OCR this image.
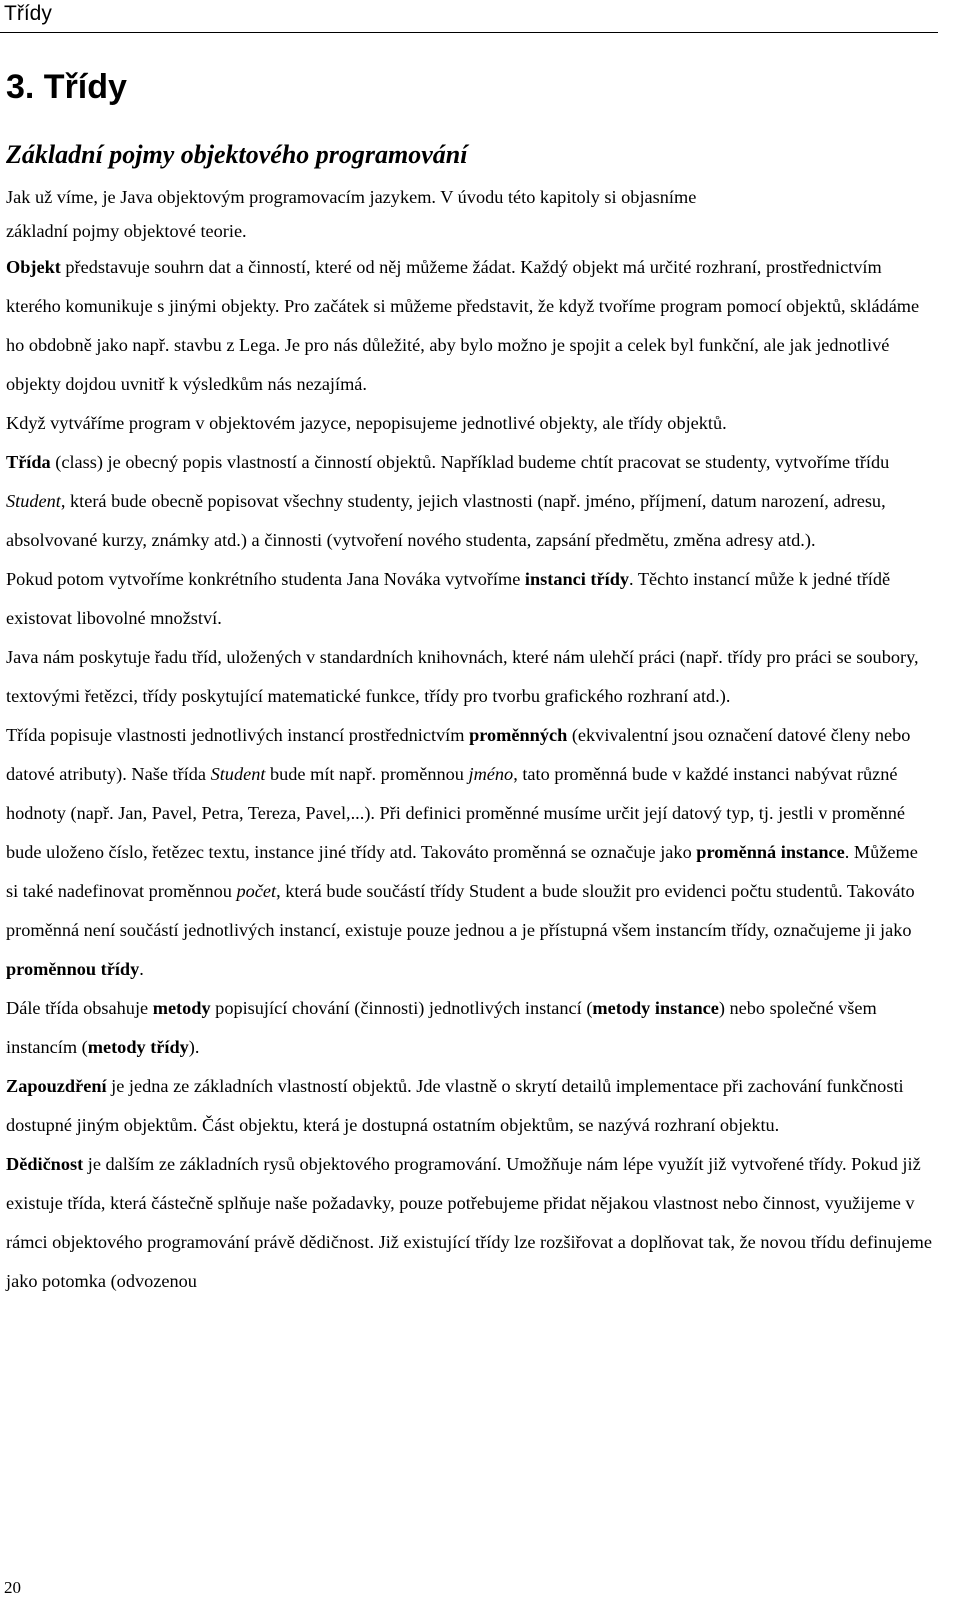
Třídy
3. Třídy
Základní pojmy objektového programování

Jak už víme, je Java objektovým programovacím jazykem. V úvodu této kapitoly si objasníme
základní pojmy objektové teorie.

Objekt představuje souhrn dat a činností, které od něj můžeme žádat. Každý objekt má určité rozhraní, prostřednictvím kterého komunikuje s jinými objekty. Pro začátek si můžeme představit, že když tvoříme program pomocí objektů, skládáme ho obdobně jako např. stavbu z Lega. Je pro nás důležité, aby bylo možno je spojit a celek byl funkční, ale jak jednotlivé objekty dojdou uvnitř k výsledkům nás nezajímá.

Když vytváříme program v objektovém jazyce, nepopisujeme jednotlivé objekty, ale třídy objektů.

Třída (class) je obecný popis vlastností a činností objektů. Například budeme chtít pracovat se studenty, vytvoříme třídu Student, která bude obecně popisovat všechny studenty, jejich vlastnosti (např. jméno, příjmení, datum narození, adresu, absolvované kurzy, známky atd.) a činnosti (vytvoření nového studenta, zapsání předmětu, změna adresy atd.).

Pokud potom vytvoříme konkrétního studenta Jana Nováka vytvoříme instanci třídy. Těchto instancí může k jedné třídě existovat libovolné množství.

Java nám poskytuje řadu tříd, uložených v standardních knihovnách, které nám ulehčí práci (např. třídy pro práci se soubory, textovými řetězci, třídy poskytující matematické funkce, třídy pro tvorbu grafického rozhraní atd.).

Třída popisuje vlastnosti jednotlivých instancí prostřednictvím proměnných (ekvivalentní jsou označení datové členy nebo datové atributy). Naše třída Student bude mít např. proměnnou jméno, tato proměnná bude v každé instanci nabývat různé hodnoty (např. Jan, Pavel, Petra, Tereza, Pavel,...). Při definici proměnné musíme určit její datový typ, tj. jestli v proměnné bude uloženo číslo, řetězec textu, instance jiné třídy atd. Takováto proměnná se označuje jako proměnná instance. Můžeme si také nadefinovat proměnnou počet, která bude součástí třídy Student a bude sloužit pro evidenci počtu studentů. Takováto proměnná není součástí jednotlivých instancí, existuje pouze jednou a je přístupná všem instancím třídy, označujeme ji jako proměnnou třídy.

Dále třída obsahuje metody popisující chování (činnosti) jednotlivých instancí (metody instance) nebo společné všem instancím (metody třídy).

Zapouzdření je jedna ze základních vlastností objektů. Jde vlastně o skrytí detailů implementace při zachování funkčnosti dostupné jiným objektům. Část objektu, která je dostupná ostatním objektům, se nazývá rozhraní objektu.

Dědičnost je dalším ze základních rysů objektového programování. Umožňuje nám lépe využít již vytvořené třídy. Pokud již existuje třída, která částečně splňuje naše požadavky, pouze potřebujeme přidat nějakou vlastnost nebo činnost, využijeme v rámci objektového programování právě dědičnost. Již existující třídy lze rozšiřovat a doplňovat tak, že novou třídu definujeme jako potomka (odvozenou

20
